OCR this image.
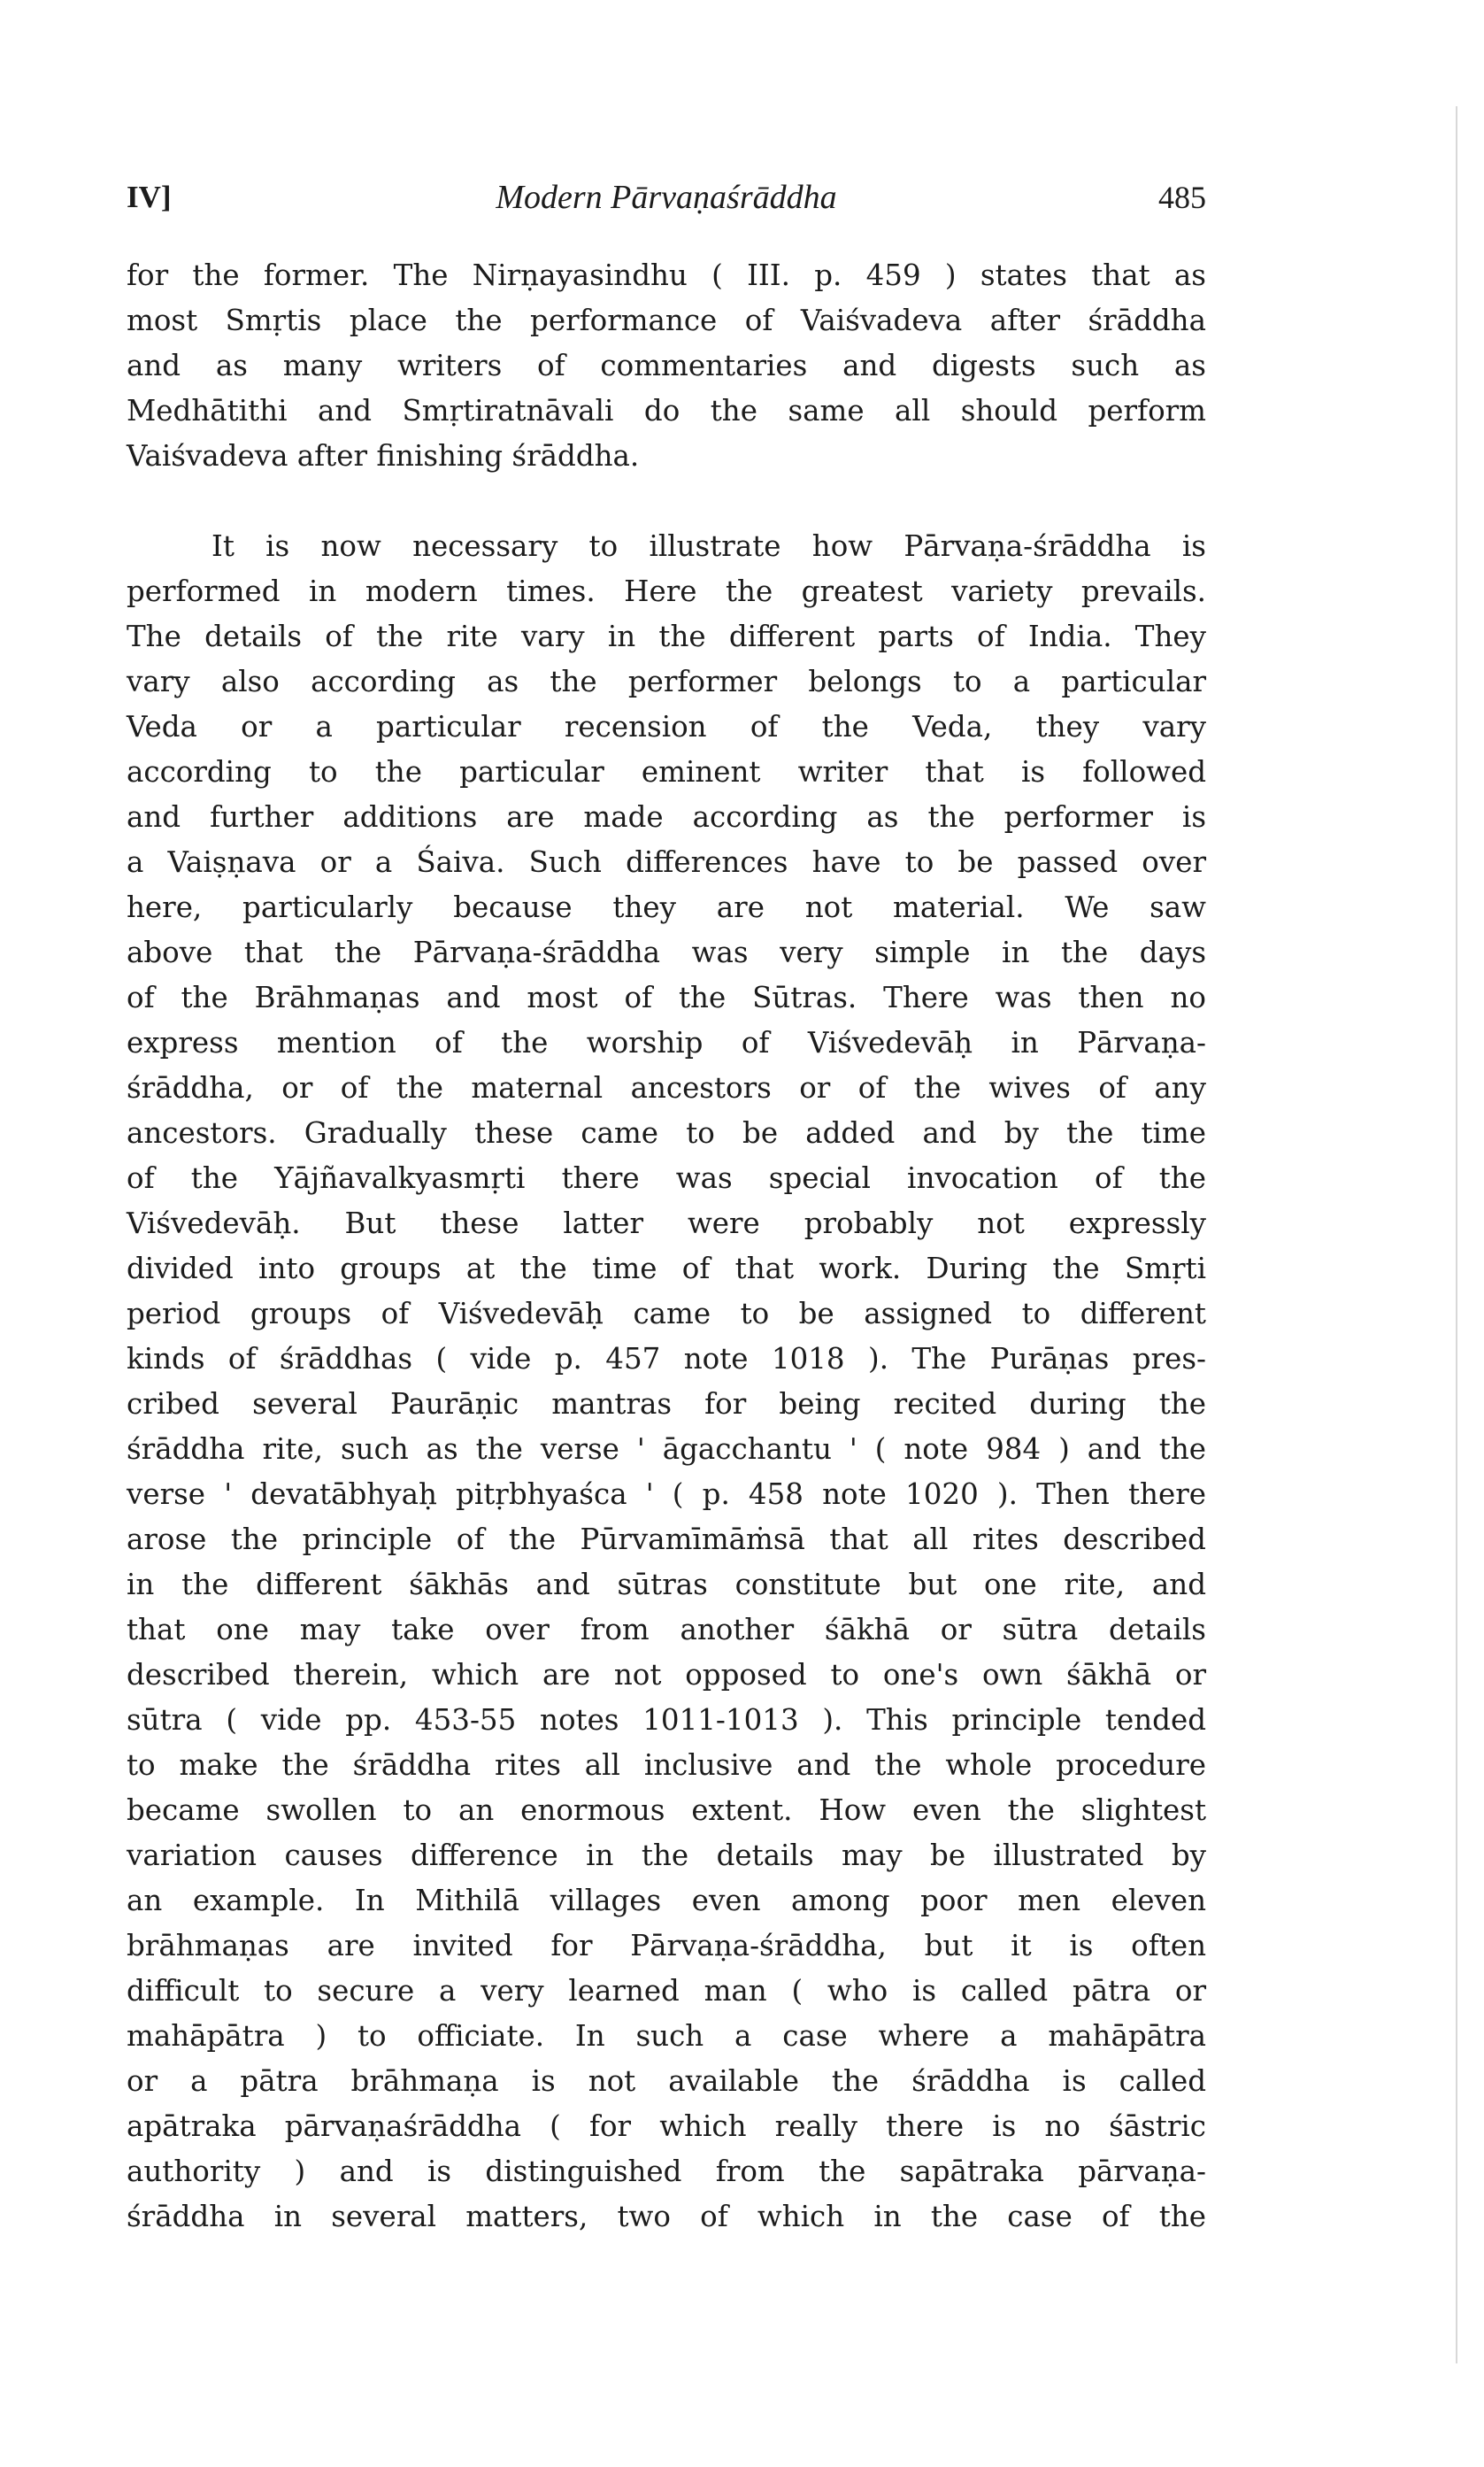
IV]	Modern Pārvaṇaśrāddha	485
for the former. The Nirṇayasindhu ( III. p. 459 ) states that as
most Smṛtis place the performance of Vaiśvadeva after śrāddha
and as many writers of commentaries and digests such as
Medhātithi and Smṛtiratnāvali do the same all should perform
Vaiśvadeva after finishing śrāddha.
It is now necessary to illustrate how Pārvaṇa-śrāddha is
performed in modern times. Here the greatest variety prevails.
The details of the rite vary in the different parts of India. They
vary also according as the performer belongs to a particular
Veda or a particular recension of the Veda, they vary
according to the particular eminent writer that is followed
and further additions are made according as the performer is
a Vaiṣṇava or a Śaiva. Such differences have to be passed over
here, particularly because they are not material. We saw
above that the Pārvaṇa-śrāddha was very simple in the days
of the Brāhmaṇas and most of the Sūtras. There was then no
express mention of the worship of Viśvedevāḥ in Pārvaṇa-
śrāddha, or of the maternal ancestors or of the wives of any
ancestors. Gradually these came to be added and by the time
of the Yājñavalkyasmṛti there was special invocation of the
Viśvedevāḥ. But these latter were probably not expressly
divided into groups at the time of that work. During the Smṛti
period groups of Viśvedevāḥ came to be assigned to different
kinds of śrāddhas ( vide p. 457 note 1018 ). The Purāṇas pres-
cribed several Paurāṇic mantras for being recited during the
śrāddha rite, such as the verse ' āgacchantu ' ( note 984 ) and the
verse ' devatābhyaḥ pitṛbhyaśca ' ( p. 458 note 1020 ). Then there
arose the principle of the Pūrvamīmāṁsā that all rites described
in the different śākhās and sūtras constitute but one rite, and
that one may take over from another śākhā or sūtra details
described therein, which are not opposed to one's own śākhā or
sūtra ( vide pp. 453-55 notes 1011-1013 ). This principle tended
to make the śrāddha rites all inclusive and the whole procedure
became swollen to an enormous extent. How even the slightest
variation causes difference in the details may be illustrated by
an example. In Mithilā villages even among poor men eleven
brāhmaṇas are invited for Pārvaṇa-śrāddha, but it is often
difficult to secure a very learned man ( who is called pātra or
mahāpātra ) to officiate. In such a case where a mahāpātra
or a pātra brāhmaṇa is not available the śrāddha is called
apātraka pārvaṇaśrāddha ( for which really there is no śāstric
authority ) and is distinguished from the sapātraka pārvaṇa-
śrāddha in several matters, two of which in the case of the
